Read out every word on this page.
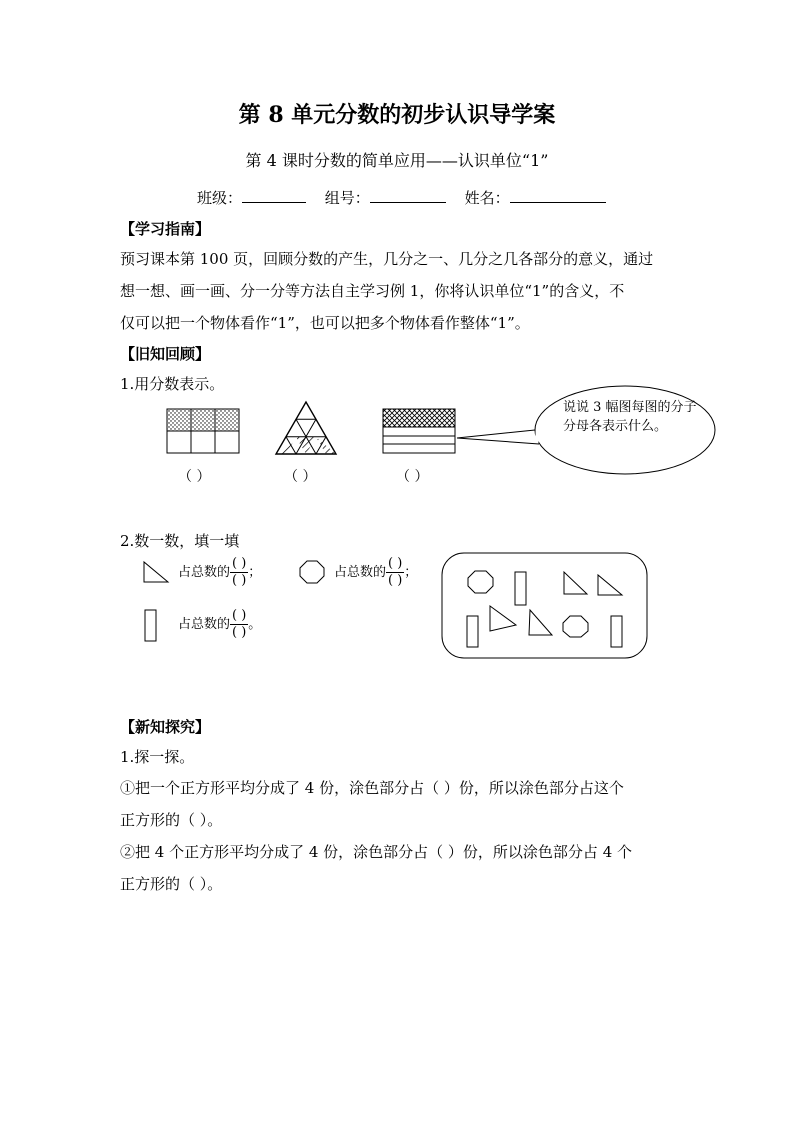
第 8 单元分数的初步认识导学案
第 4 课时分数的简单应用——认识单位“1”
班级：	组号：	姓名：
【学习指南】
预习课本第 100 页，回顾分数的产生，几分之一、几分之几各部分的意义，通过
想一想、画一画、分一分等方法自主学习例 1，你将认识单位“1”的含义，不
仅可以把一个物体看作“1”，也可以把多个物体看作整体“1”。
【旧知回顾】
1.用分数表示。
（ ）	（ ）	（ ）
说说 3 幅图每图的分子分母各表示什么。
2.数一数，填一填
占总数的 $\frac{( )}{( )}$ ；	占总数的 $\frac{( )}{( )}$ ；
占总数的 $\frac{( )}{( )}$ 。
【新知探究】
1.探一探。
①把一个正方形平均分成了 4 份，涂色部分占（ ）份，所以涂色部分占这个
正方形的（ ）。
②把 4 个正方形平均分成了 4 份，涂色部分占（ ）份，所以涂色部分占 4 个
正方形的（ ）。
